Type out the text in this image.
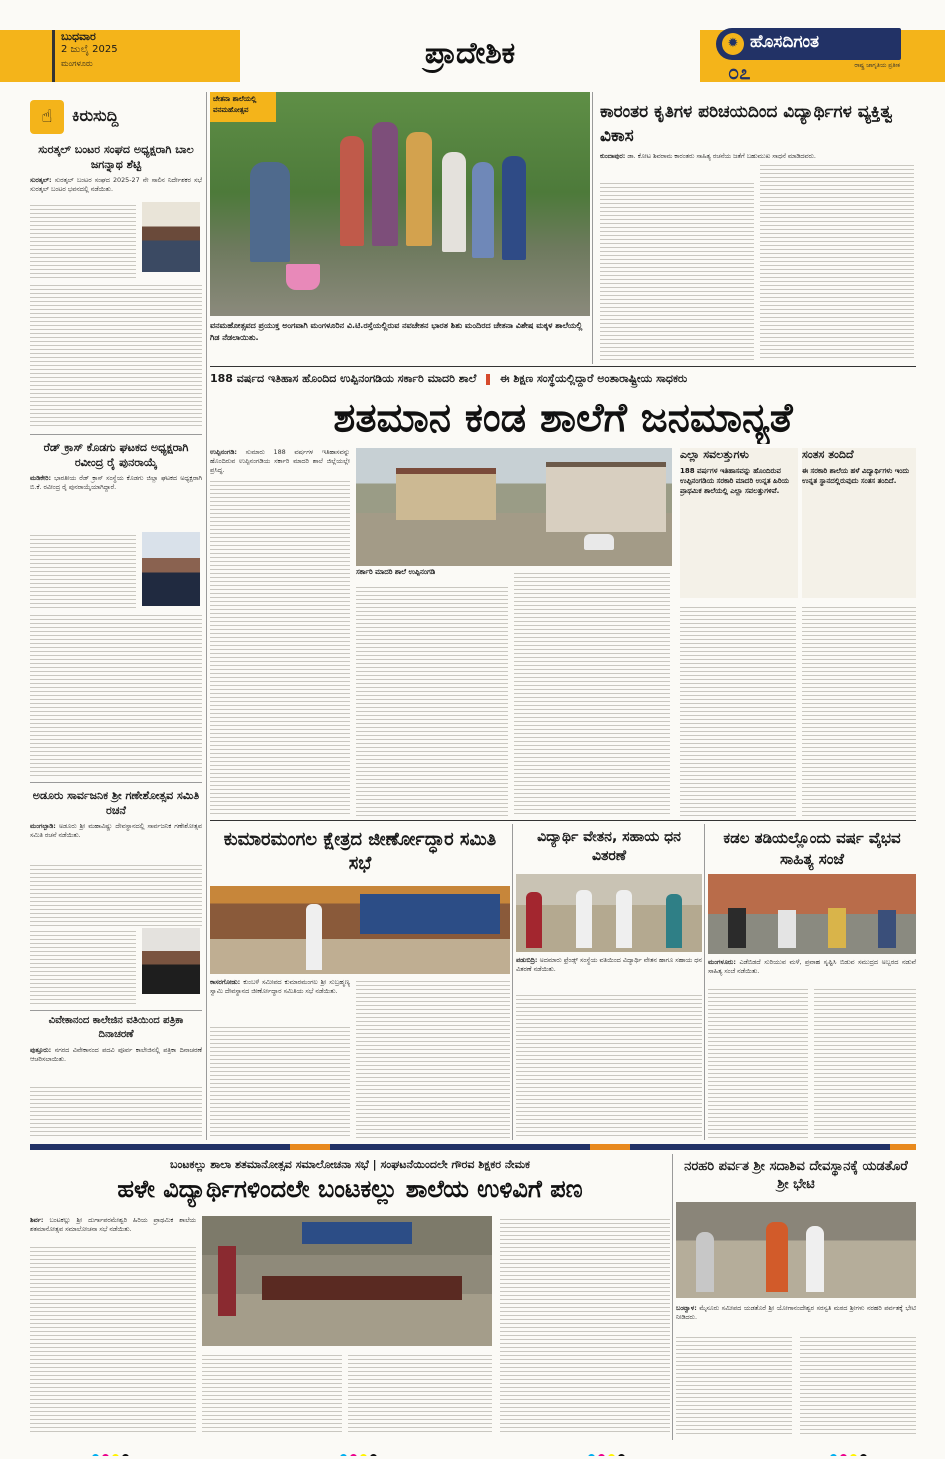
ಬುಧವಾರ
2 ಜುಲೈ 2025
ಮಂಗಳೂರು	ಪ್ರಾದೇಶಿಕ	✹ ಹೊಸದಿಗಂತ
ರಾಷ್ಟ್ರ ಜಾಗೃತಿಯ ಪ್ರತೀಕ
೦೭
☝	ಕಿರುಸುದ್ದಿ
ಸುರತ್ಕಲ್ ಬಂಟರ ಸಂಘದ ಅಧ್ಯಕ್ಷರಾಗಿ ಬಾಲ ಜಗನ್ನಾಥ ಶೆಟ್ಟಿ
ಸುರತ್ಕಲ್: ಸುರತ್ಕಲ್ ಬಂಟರ ಸಂಘದ 2025-27 ನೇ ಸಾಲಿನ ನಿರ್ದೇಶಕರ ಸಭೆ ಸುರತ್ಕಲ್ ಬಂಟರ ಭವನದಲ್ಲಿ ನಡೆಯಿತು.
ರೆಡ್ ಕ್ರಾಸ್ ಕೊಡಗು ಘಟಕದ ಅಧ್ಯಕ್ಷರಾಗಿ ರವೀಂದ್ರ ರೈ ಪುನರಾಯ್ಕೆ
ಮಡಿಕೇರಿ: ಭಾರತೀಯ ರೆಡ್ ಕ್ರಾಸ್ ಸಂಸ್ಥೆಯ ಕೊಡಗು ಜಿಲ್ಲಾ ಘಟಕದ ಅಧ್ಯಕ್ಷರಾಗಿ ಬಿ.ಕೆ. ರವೀಂದ್ರ ರೈ ಪುನರಾಯ್ಕೆಯಾಗಿದ್ದಾರೆ.
ಅಡೂರು ಸಾರ್ವಜನಿಕ ಶ್ರೀ ಗಣೇಶೋತ್ಸವ ಸಮಿತಿ ರಚನೆ
ಮಂಗಲ್ಪಾಡಿ: ಅಡೂರು ಶ್ರೀ ಮಹಾವಿಷ್ಣು ದೇವಸ್ಥಾನದಲ್ಲಿ ಸಾರ್ವಜನಿಕ ಗಣೇಶೋತ್ಸವ ಸಮಿತಿ ರಚನೆ ನಡೆಯಿತು.
ವಿವೇಕಾನಂದ ಕಾಲೇಜಿನ ವತಿಯಿಂದ ಪತ್ರಿಕಾ ದಿನಾಚರಣೆ
ಪುತ್ತೂರು: ನಗರದ ವಿವೇಕಾನಂದ ಪದವಿ ಪೂರ್ವ ಕಾಲೇಜಿನಲ್ಲಿ ಪತ್ರಿಕಾ ದಿನಾಚರಣೆ ಆಚರಿಸಲಾಯಿತು.
ಚೇತನಾ ಶಾಲೆಯಲ್ಲಿ ವನಮಹೋತ್ಸವ
ವನಮಹೋತ್ಸವದ ಪ್ರಯುಕ್ತ ಅಂಗವಾಗಿ ಮಂಗಳೂರಿನ ವಿ.ಟಿ.ರಸ್ತೆಯಲ್ಲಿರುವ ನವಚೇತನ ಭಾರತ ಶಿಶು ಮಂದಿರದ ಚೇತನಾ ವಿಶೇಷ ಮಕ್ಕಳ ಶಾಲೆಯಲ್ಲಿ ಗಿಡ ನೆಡಲಾಯಿತು.
ಕಾರಂತರ ಕೃತಿಗಳ ಪರಿಚಯದಿಂದ ವಿದ್ಯಾರ್ಥಿಗಳ ವ್ಯಕ್ತಿತ್ವ ವಿಕಾಸ
ಕುಂದಾಪುರ: ಡಾ. ಕೋಟ ಶಿವರಾಮ ಕಾರಂತರು ಸಾಹಿತ್ಯ ರಚನೆಯ ಜತೆಗೆ ಬಹುಮುಖ ಸಾಧನೆ ಮಾಡಿದವರು.
188 ವರ್ಷದ ಇತಿಹಾಸ ಹೊಂದಿದ ಉಪ್ಪಿನಂಗಡಿಯ ಸರ್ಕಾರಿ ಮಾದರಿ ಶಾಲೆ ಈ ಶಿಕ್ಷಣ ಸಂಸ್ಥೆಯಲ್ಲಿದ್ದಾರೆ ಅಂತಾರಾಷ್ಟ್ರೀಯ ಸಾಧಕರು
ಶತಮಾನ ಕಂಡ ಶಾಲೆಗೆ ಜನಮಾನ್ಯತೆ
ಉಪ್ಪಿನಂಗಡಿ: ಸುಮಾರು 188 ವರ್ಷಗಳ ಇತಿಹಾಸವನ್ನು ಹೊಂದಿರುವ ಉಪ್ಪಿನಂಗಡಿಯ ಸರ್ಕಾರಿ ಮಾದರಿ ಶಾಲೆ ಜಿಲ್ಲೆಯಲ್ಲೇ ಪ್ರಸಿದ್ಧ.
ಸರ್ಕಾರಿ ಮಾದರಿ ಶಾಲೆ ಉಪ್ಪಿನಂಗಡಿ
ಎಲ್ಲಾ ಸವಲತ್ತುಗಳು
188 ವರ್ಷಗಳ ಇತಿಹಾಸವನ್ನು ಹೊಂದಿರುವ ಉಪ್ಪಿನಂಗಡಿಯ ಸರಕಾರಿ ಮಾದರಿ ಉನ್ನತ ಹಿರಿಯ ಪ್ರಾಥಮಿಕ ಶಾಲೆಯಲ್ಲಿ ಎಲ್ಲಾ ಸವಲತ್ತುಗಳಿವೆ.
ಸಂತಸ ತಂದಿದೆ
ಈ ಸರಕಾರಿ ಶಾಲೆಯ ಹಳೆ ವಿದ್ಯಾರ್ಥಿಗಳು ಇಂದು ಉನ್ನತ ಸ್ಥಾನದಲ್ಲಿರುವುದು ಸಂತಸ ತಂದಿದೆ.
ಕುಮಾರಮಂಗಲ ಕ್ಷೇತ್ರದ ಜೀರ್ಣೋದ್ಧಾರ ಸಮಿತಿ ಸಭೆ
ಕಾಸರಗೋಡು: ಕುಂಬಳೆ ಸಮೀಪದ ಕುಮಾರಮಂಗಲ ಶ್ರೀ ಸುಬ್ರಹ್ಮಣ್ಯ ಸ್ವಾಮಿ ದೇವಸ್ಥಾನದ ಜೀರ್ಣೋದ್ಧಾರ ಸಮಿತಿಯ ಸಭೆ ನಡೆಯಿತು.
ವಿದ್ಯಾರ್ಥಿ ವೇತನ, ಸಹಾಯ ಧನ ವಿತರಣೆ
ಪಡುಬಿದ್ರಿ: ಅದಮಾರು ಫ್ರೆಂಡ್ಸ್ ಸಂಸ್ಥೆಯ ವತಿಯಿಂದ ವಿದ್ಯಾರ್ಥಿ ವೇತನ ಹಾಗೂ ಸಹಾಯ ಧನ ವಿತರಣೆ ನಡೆಯಿತು.
ಕಡಲ ತಡಿಯಲ್ಲೊಂದು ವರ್ಷ ವೈಭವ ಸಾಹಿತ್ಯ ಸಂಜೆ
ಮಂಗಳೂರು: ಎಡೆಬಿಡದೆ ಸುರಿಯುವ ಮಳೆ, ಪ್ರವಾಹ ಸೃಷ್ಟಿಸಿ ಬಿಡುವ ಸಮುದ್ರದ ಅಬ್ಬರದ ನಡುವೆ ಸಾಹಿತ್ಯ ಸಂಜೆ ನಡೆಯಿತು.
ಬಂಟಕಲ್ಲು ಶಾಲಾ ಶತಮಾನೋತ್ಸವ ಸಮಾಲೋಚನಾ ಸಭೆ | ಸಂಘಟನೆಯಿಂದಲೇ ಗೌರವ ಶಿಕ್ಷಕರ ನೇಮಕ
ಹಳೇ ವಿದ್ಯಾರ್ಥಿಗಳಿಂದಲೇ ಬಂಟಕಲ್ಲು ಶಾಲೆಯ ಉಳಿವಿಗೆ ಪಣ
ಶಿರ್ವ: ಬಂಟಕಲ್ಲು ಶ್ರೀ ದುರ್ಗಾಪರಮೇಶ್ವರಿ ಹಿರಿಯ ಪ್ರಾಥಮಿಕ ಶಾಲೆಯ ಶತಮಾನೋತ್ಸವ ಸಮಾಲೋಚನಾ ಸಭೆ ನಡೆಯಿತು.
ನರಹರಿ ಪರ್ವತ ಶ್ರೀ ಸದಾಶಿವ ದೇವಸ್ಥಾನಕ್ಕೆ ಯಡತೊರೆ ಶ್ರೀ ಭೇಟಿ
ಬಂಟ್ವಾಳ: ಮೈಸೂರು ಸಮೀಪದ ಯಡತೊರೆ ಶ್ರೀ ಯೋಗಾನಂದೇಶ್ವರ ಸರಸ್ವತಿ ಮಠದ ಶ್ರೀಗಳು ನರಹರಿ ಪರ್ವತಕ್ಕೆ ಭೇಟಿ ನೀಡಿದರು.
